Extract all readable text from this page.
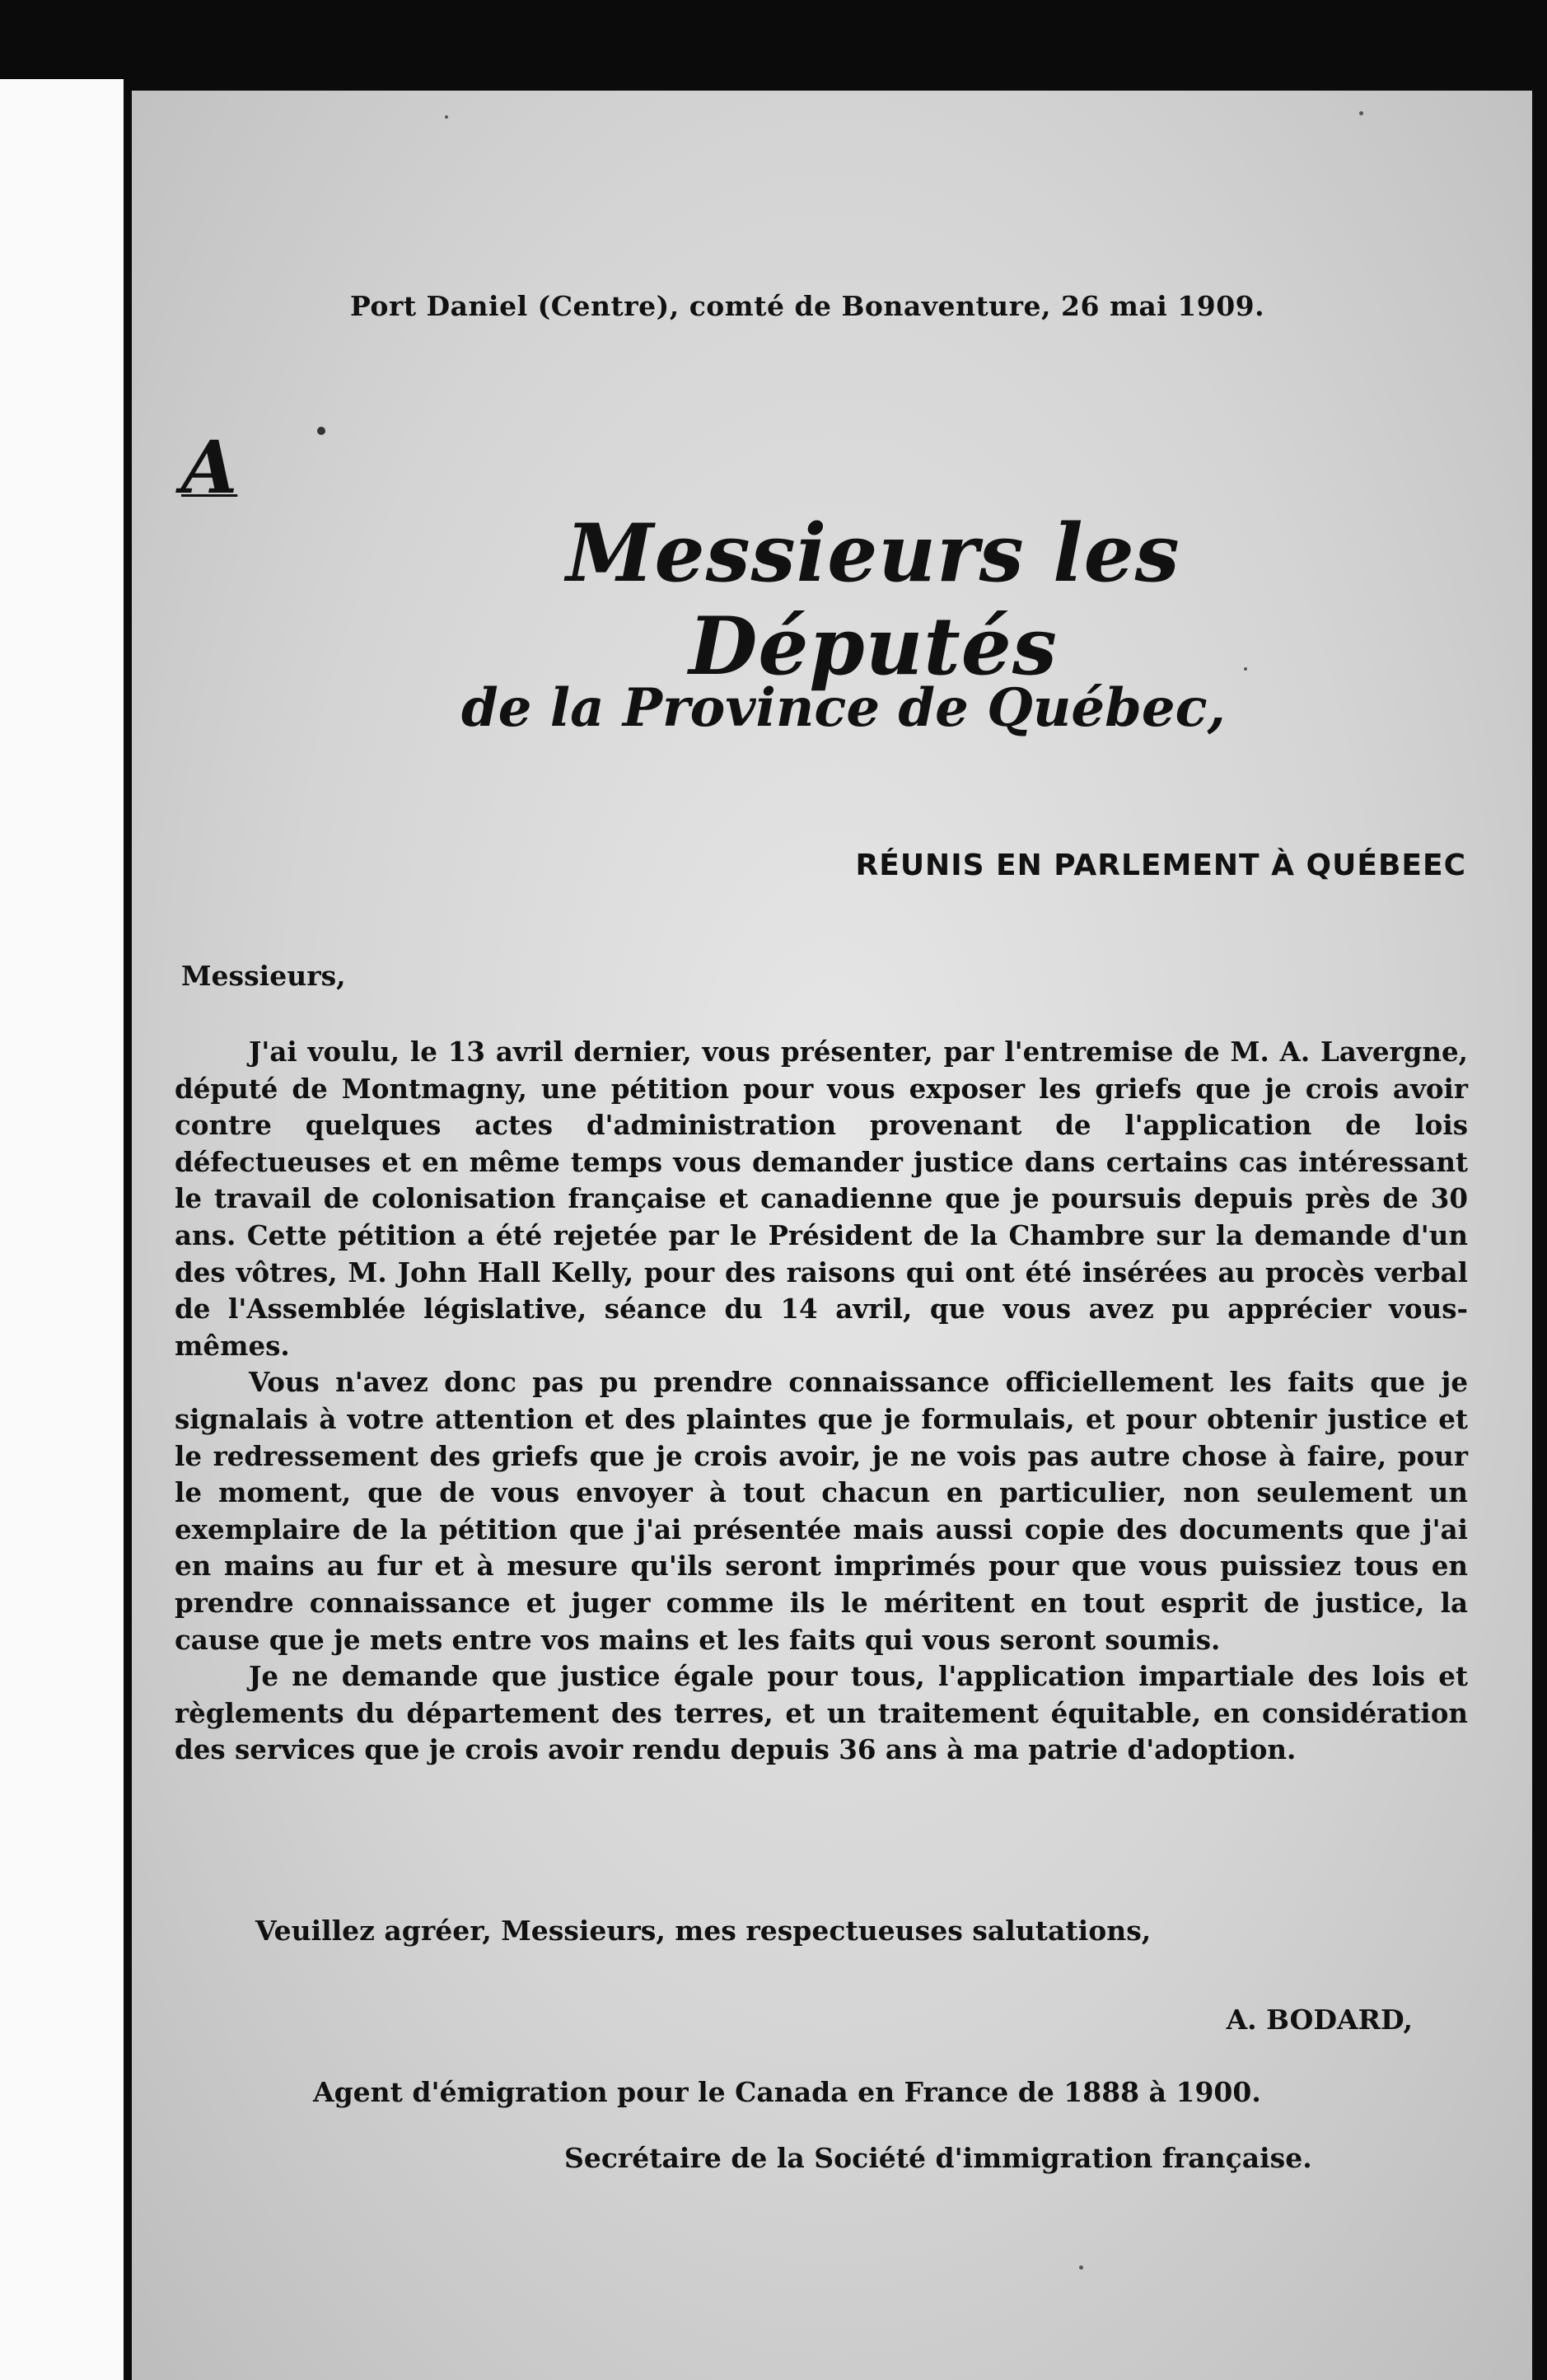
Port Daniel (Centre), comté de Bonaventure, 26 mai 1909.
A
Messieurs les Députés
de la Province de Québec,
RÉUNIS EN PARLEMENT À QUÉBEEC
Messieurs,

J'ai voulu, le 13 avril dernier, vous présenter, par l'entremise de M. A. Lavergne, député de Montmagny, une pétition pour vous exposer les griefs que je crois avoir contre quelques actes d'administration provenant de l'application de lois défectueuses et en même temps vous demander justice dans certains cas intéressant le travail de colonisation française et canadienne que je poursuis depuis près de 30 ans. Cette pétition a été rejetée par le Président de la Chambre sur la demande d'un des vôtres, M. John Hall Kelly, pour des raisons qui ont été insérées au procès verbal de l'Assemblée législative, séance du 14 avril, que vous avez pu apprécier vous-mêmes.

Vous n'avez donc pas pu prendre connaissance officiellement les faits que je signalais à votre attention et des plaintes que je formulais, et pour obtenir justice et le redressement des griefs que je crois avoir, je ne vois pas autre chose à faire, pour le moment, que de vous envoyer à tout chacun en particulier, non seulement un exemplaire de la pétition que j'ai présentée mais aussi copie des documents que j'ai en mains au fur et à mesure qu'ils seront imprimés pour que vous puissiez tous en prendre connaissance et juger comme ils le méritent en tout esprit de justice, la cause que je mets entre vos mains et les faits qui vous seront soumis.

Je ne demande que justice égale pour tous, l'application impartiale des lois et règlements du département des terres, et un traitement équitable, en considération des services que je crois avoir rendu depuis 36 ans à ma patrie d'adoption.

Veuillez agréer, Messieurs, mes respectueuses salutations,
A. BODARD,
Agent d'émigration pour le Canada en France de 1888 à 1900.
Secrétaire de la Société d'immigration française.
